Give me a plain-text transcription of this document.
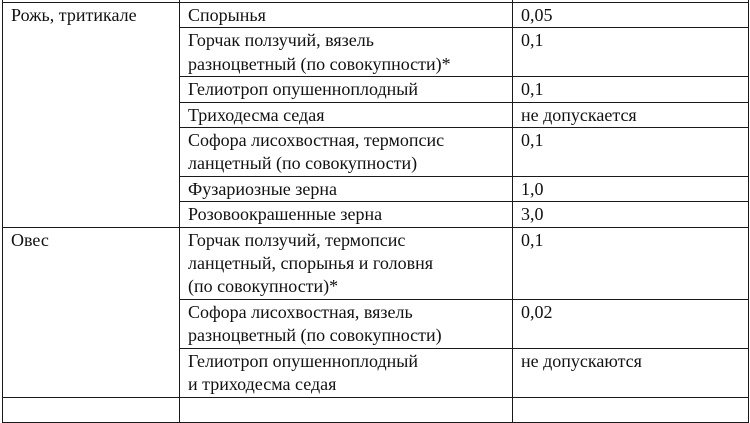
Рожь, тритикале	Спорынья	0,05
	Горчак ползучий, вязель
разноцветный (по совокупности)*	0,1
	Гелиотроп опушенноплодный	0,1
	Триходесма седая	не допускается
	Софора лисохвостная, термопсис
ланцетный (по совокупности)	0,1
	Фузариозные зерна	1,0
	Розовоокрашенные зерна	3,0
Овес	Горчак ползучий, термопсис
ланцетный, спорынья и головня
(по совокупности)*	0,1
	Софора лисохвостная, вязель
разноцветный (по совокупности)	0,02
	Гелиотроп опушенноплодный
и триходесма седая	не допускаются
